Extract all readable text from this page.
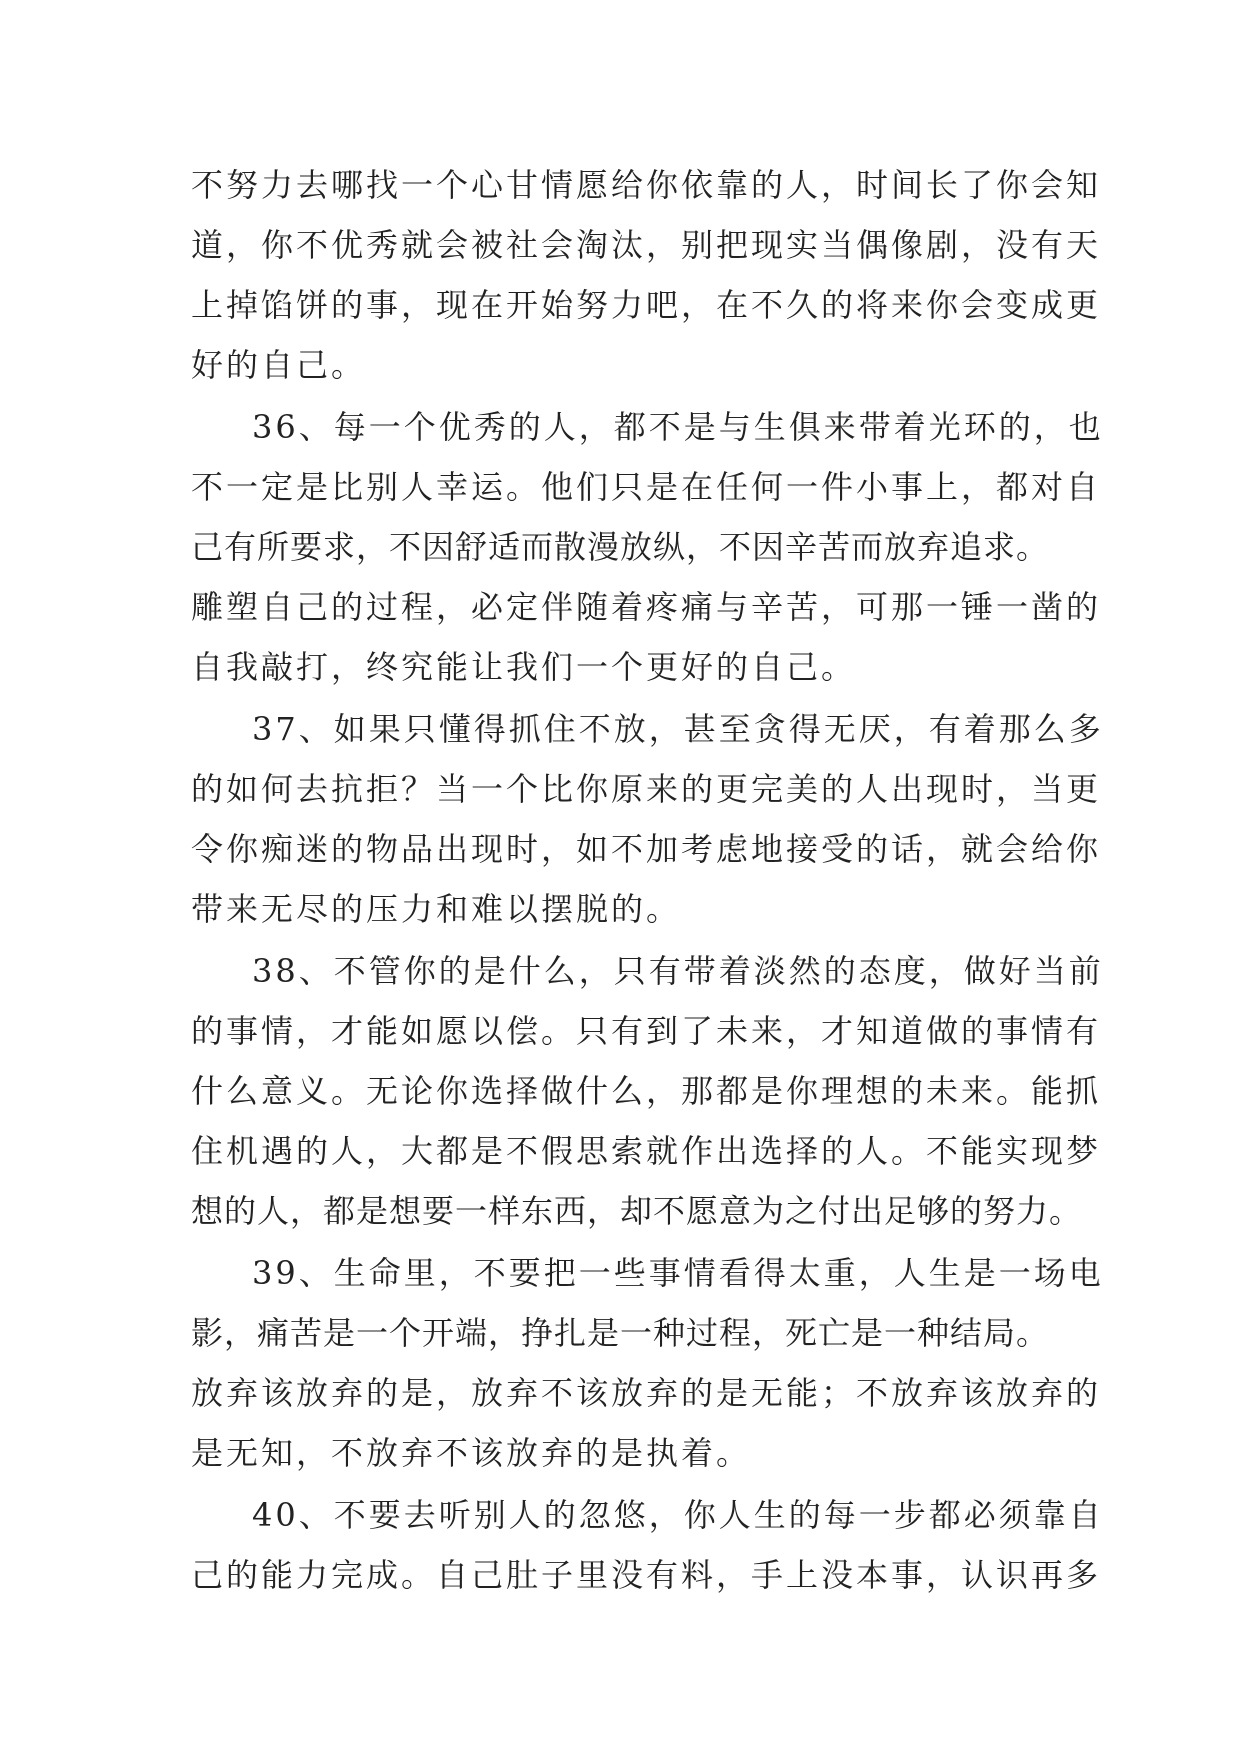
不努力去哪找一个心甘情愿给你依靠的人，时间长了你会知
道，你不优秀就会被社会淘汰，别把现实当偶像剧，没有天
上掉馅饼的事，现在开始努力吧，在不久的将来你会变成更
好的自己。
36、每一个优秀的人，都不是与生俱来带着光环的，也
不一定是比别人幸运。他们只是在任何一件小事上，都对自
己有所要求，不因舒适而散漫放纵，不因辛苦而放弃追求。
雕塑自己的过程，必定伴随着疼痛与辛苦，可那一锤一凿的
自我敲打，终究能让我们一个更好的自己。
37、如果只懂得抓住不放，甚至贪得无厌，有着那么多
的如何去抗拒？当一个比你原来的更完美的人出现时，当更
令你痴迷的物品出现时，如不加考虑地接受的话，就会给你
带来无尽的压力和难以摆脱的。
38、不管你的是什么，只有带着淡然的态度，做好当前
的事情，才能如愿以偿。只有到了未来，才知道做的事情有
什么意义。无论你选择做什么，那都是你理想的未来。能抓
住机遇的人，大都是不假思索就作出选择的人。不能实现梦
想的人，都是想要一样东西，却不愿意为之付出足够的努力。
39、生命里，不要把一些事情看得太重，人生是一场电
影，痛苦是一个开端，挣扎是一种过程，死亡是一种结局。
放弃该放弃的是，放弃不该放弃的是无能；不放弃该放弃的
是无知，不放弃不该放弃的是执着。
40、不要去听别人的忽悠，你人生的每一步都必须靠自
己的能力完成。自己肚子里没有料，手上没本事，认识再多
